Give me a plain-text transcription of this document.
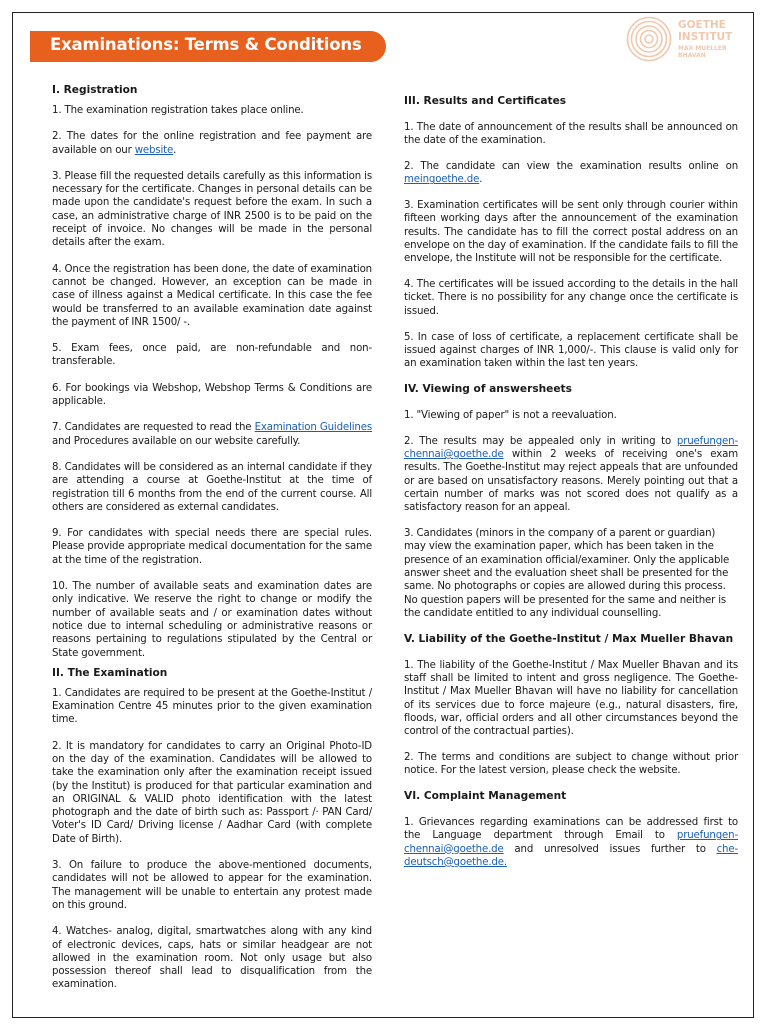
Examinations: Terms & Conditions
GOETHE
INSTITUT
MAX MUELLER
BHAVAN
I. Registration

1. The examination registration takes place online.

2. The dates for the online registration and fee payment are available on our website.

3. Please fill the requested details carefully as this information is necessary for the certificate. Changes in personal details can be made upon the candidate's request before the exam. In such a case, an administrative charge of INR 2500 is to be paid on the receipt of invoice. No changes will be made in the personal details after the exam.

4. Once the registration has been done, the date of examination cannot be changed. However, an exception can be made in case of illness against a Medical certificate. In this case the fee would be transferred to an available examination date against the payment of INR 1500/ -.

5. Exam fees, once paid, are non-refundable and non-transferable.

6. For bookings via Webshop, Webshop Terms & Conditions are applicable.

7. Candidates are requested to read the Examination Guidelines and Procedures available on our website carefully.

8. Candidates will be considered as an internal candidate if they are attending a course at Goethe-Institut at the time of registration till 6 months from the end of the current course. All others are considered as external candidates.

9. For candidates with special needs there are special rules. Please provide appropriate medical documentation for the same at the time of the registration.

10. The number of available seats and examination dates are only indicative. We reserve the right to change or modify the number of available seats and / or examination dates without notice due to internal scheduling or administrative reasons or reasons pertaining to regulations stipulated by the Central or State government.

II. The Examination

1. Candidates are required to be present at the Goethe-Institut / Examination Centre 45 minutes prior to the given examination time.

2. It is mandatory for candidates to carry an Original Photo-ID on the day of the examination. Candidates will be allowed to take the examination only after the examination receipt issued (by the Institut) is produced for that particular examination and an ORIGINAL & VALID photo identification with the latest photograph and the date of birth such as: Passport /· PAN Card/ Voter's ID Card/ Driving license / Aadhar Card (with complete Date of Birth).

3. On failure to produce the above-mentioned documents, candidates will not be allowed to appear for the examination. The management will be unable to entertain any protest made on this ground.

4. Watches- analog, digital, smartwatches along with any kind of electronic devices, caps, hats or similar headgear are not allowed in the examination room. Not only usage but also possession thereof shall lead to disqualification from the examination.

III. Results and Certificates

1. The date of announcement of the results shall be announced on the date of the examination.

2. The candidate can view the examination results online on meingoethe.de.

3. Examination certificates will be sent only through courier within fifteen working days after the announcement of the examination results. The candidate has to fill the correct postal address on an envelope on the day of examination. If the candidate fails to fill the envelope, the Institute will not be responsible for the certificate.

4. The certificates will be issued according to the details in the hall ticket. There is no possibility for any change once the certificate is issued.

5. In case of loss of certificate, a replacement certificate shall be issued against charges of INR 1,000/-. This clause is valid only for an examination taken within the last ten years.

IV. Viewing of answersheets

1. "Viewing of paper" is not a reevaluation.

2. The results may be appealed only in writing to pruefungen-chennai@goethe.de within 2 weeks of receiving one's exam results. The Goethe-Institut may reject appeals that are unfounded or are based on unsatisfactory reasons. Merely pointing out that a certain number of marks was not scored does not qualify as a satisfactory reason for an appeal.

3. Candidates (minors in the company of a parent or guardian) may view the examination paper, which has been taken in the presence of an examination official/examiner. Only the applicable answer sheet and the evaluation sheet shall be presented for the same. No photographs or copies are allowed during this process. No question papers will be presented for the same and neither is the candidate entitled to any individual counselling.

V. Liability of the Goethe-Institut / Max Mueller Bhavan

1. The liability of the Goethe-Institut / Max Mueller Bhavan and its staff shall be limited to intent and gross negligence. The Goethe-Institut / Max Mueller Bhavan will have no liability for cancellation of its services due to force majeure (e.g., natural disasters, fire, floods, war, official orders and all other circumstances beyond the control of the contractual parties).

2. The terms and conditions are subject to change without prior notice. For the latest version, please check the website.

VI. Complaint Management

1. Grievances regarding examinations can be addressed first to the Language department through Email to pruefungen-chennai@goethe.de and unresolved issues further to che-deutsch@goethe.de.
